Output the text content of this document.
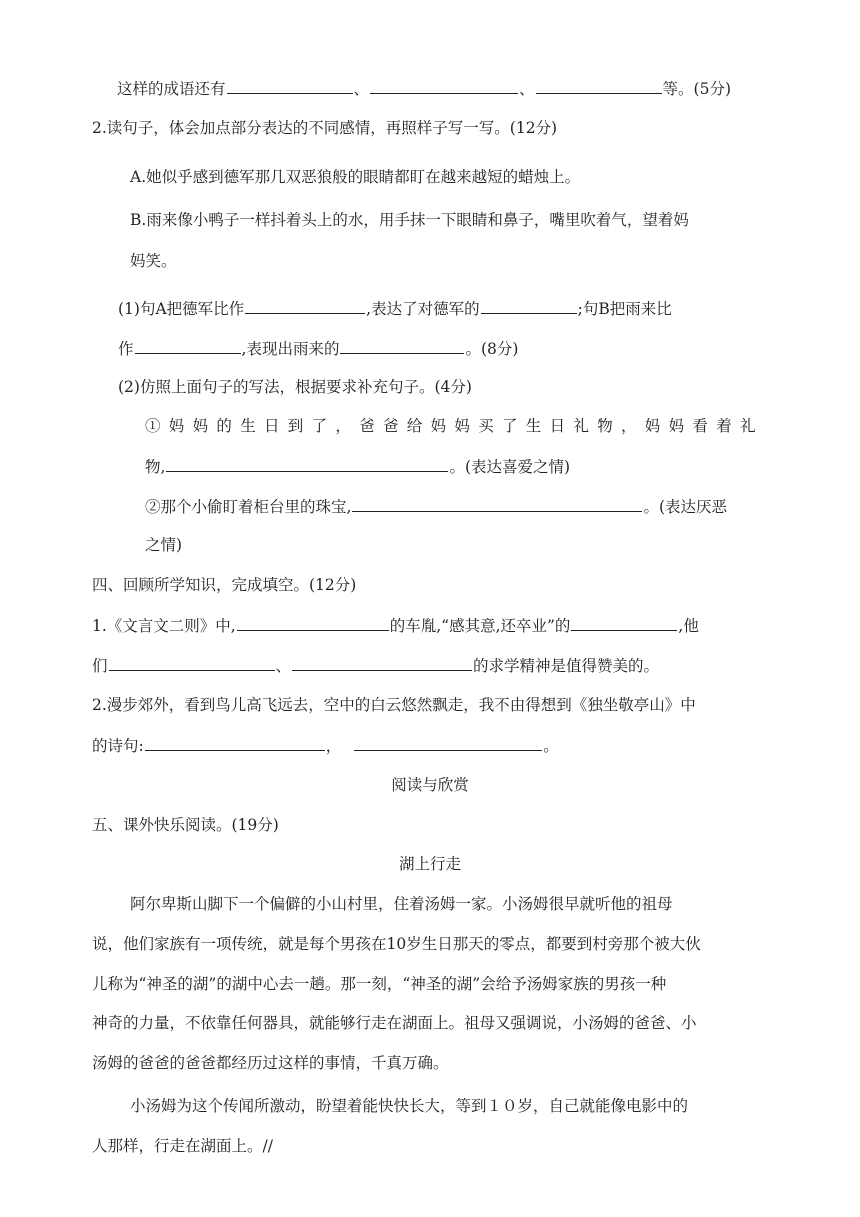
这样的成语还有	、	、	等。(5分)
2.读句子，体会加点部分表达的不同感情，再照样子写一写。(12分)
A.她似乎感到德军那几双恶狼般的眼睛都盯在越来越短的蜡烛上。
B.雨来像小鸭子一样抖着头上的水，用手抹一下眼睛和鼻子，嘴里吹着气，望着妈
妈笑。
(1)句A把德军比作	,表达了对德军的	;句B把雨来比
作	,表现出雨来的	。(8分)
(2)仿照上面句子的写法，根据要求补充句子。(4分)
①妈妈的生日到了，爸爸给妈妈买了生日礼物，妈妈看着礼
物,	。(表达喜爱之情)
②那个小偷盯着柜台里的珠宝,	。(表达厌恶
之情)
四、回顾所学知识，完成填空。(12分)
1.《文言文二则》中,	的车胤,“感其意,还卒业”的	,他
们	、	的求学精神是值得赞美的。
2.漫步郊外，看到鸟儿高飞远去，空中的白云悠然飘走，我不由得想到《独坐敬亭山》中
的诗句:	，	。
阅读与欣赏
五、课外快乐阅读。(19分)
湖上行走
阿尔卑斯山脚下一个偏僻的小山村里，住着汤姆一家。小汤姆很早就听他的祖母
说，他们家族有一项传统，就是每个男孩在10岁生日那天的零点，都要到村旁那个被大伙
儿称为“神圣的湖”的湖中心去一趟。那一刻，“神圣的湖”会给予汤姆家族的男孩一种
神奇的力量，不依靠任何器具，就能够行走在湖面上。祖母又强调说，小汤姆的爸爸、小
汤姆的爸爸的爸爸都经历过这样的事情，千真万确。
小汤姆为这个传闻所激动，盼望着能快快长大，等到１０岁，自己就能像电影中的
人那样，行走在湖面上。//
